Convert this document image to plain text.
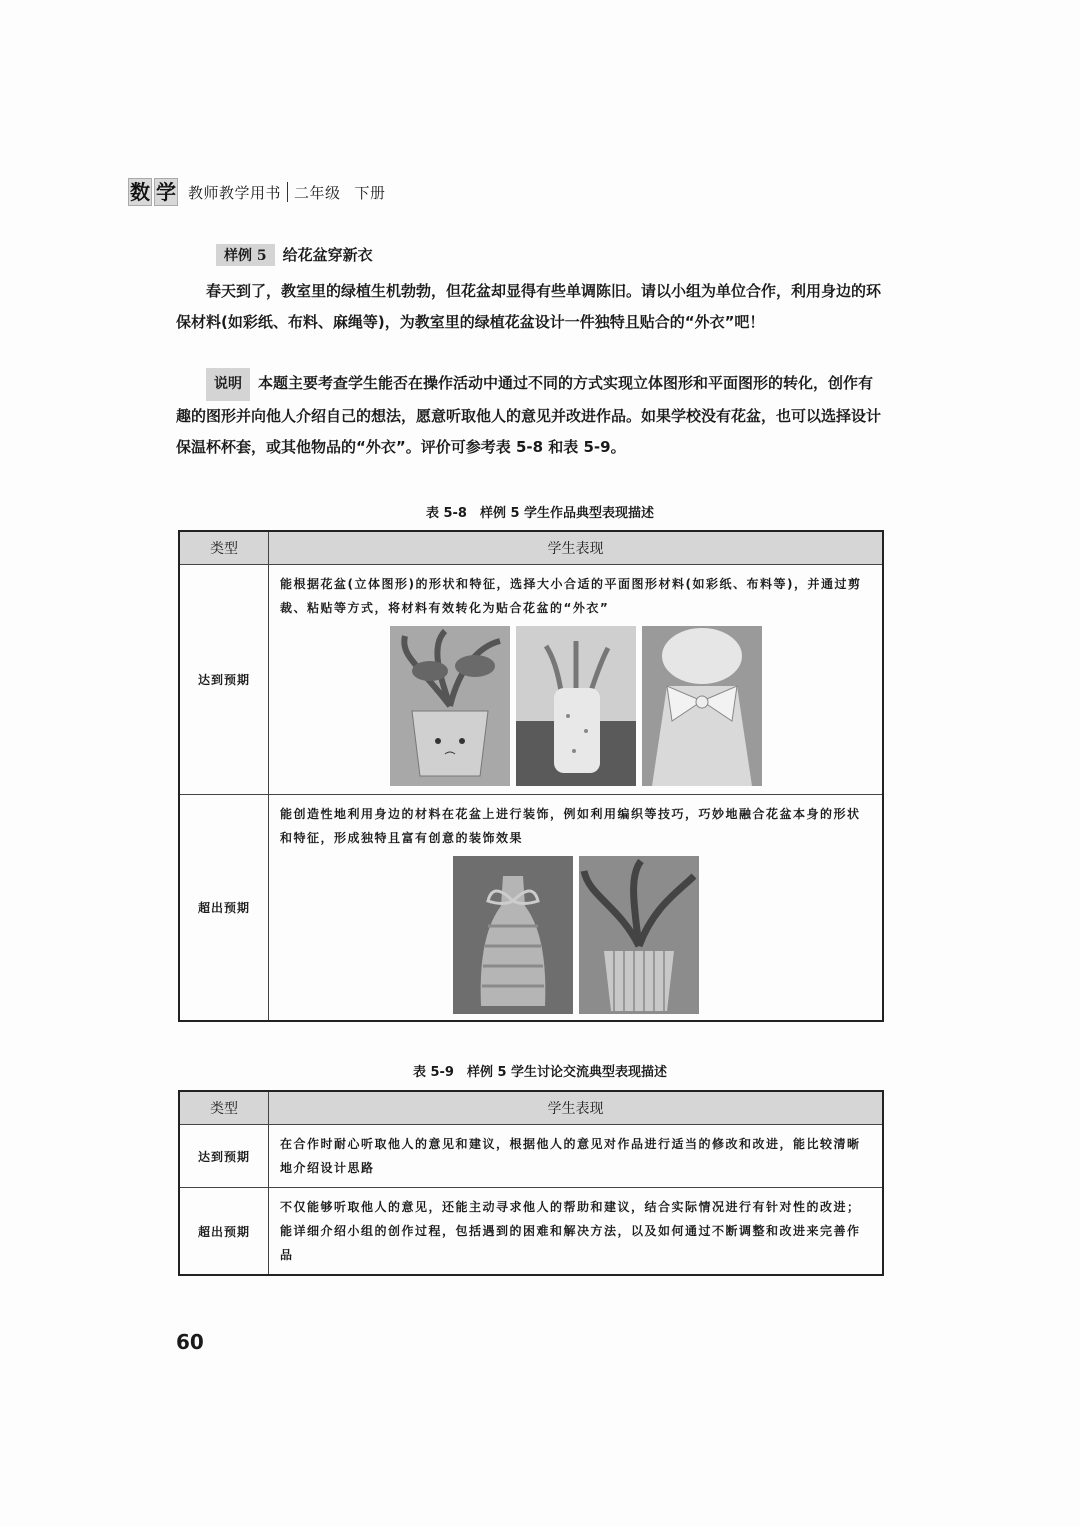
数 学 教师教学用书 二年级 下册
样例 5 给花盆穿新衣
春天到了，教室里的绿植生机勃勃，但花盆却显得有些单调陈旧。请以小组为单位合作，利用身边的环保材料(如彩纸、布料、麻绳等)，为教室里的绿植花盆设计一件独特且贴合的“外衣”吧！
说明 本题主要考查学生能否在操作活动中通过不同的方式实现立体图形和平面图形的转化，创作有趣的图形并向他人介绍自己的想法，愿意听取他人的意见并改进作品。如果学校没有花盆，也可以选择设计保温杯杯套，或其他物品的“外衣”。评价可参考表 5-8 和表 5-9。
表 5-8　样例 5 学生作品典型表现描述
类型	学生表现
达到预期	能根据花盆(立体图形)的形状和特征，选择大小合适的平面图形材料(如彩纸、布料等)，并通过剪裁、粘贴等方式，将材料有效转化为贴合花盆的“外衣”

超出预期	能创造性地利用身边的材料在花盆上进行装饰，例如利用编织等技巧，巧妙地融合花盆本身的形状和特征，形成独特且富有创意的装饰效果
表 5-9　样例 5 学生讨论交流典型表现描述
类型	学生表现
达到预期	在合作时耐心听取他人的意见和建议，根据他人的意见对作品进行适当的修改和改进，能比较清晰地介绍设计思路

超出预期	不仅能够听取他人的意见，还能主动寻求他人的帮助和建议，结合实际情况进行有针对性的改进；能详细介绍小组的创作过程，包括遇到的困难和解决方法，以及如何通过不断调整和改进来完善作品
60
